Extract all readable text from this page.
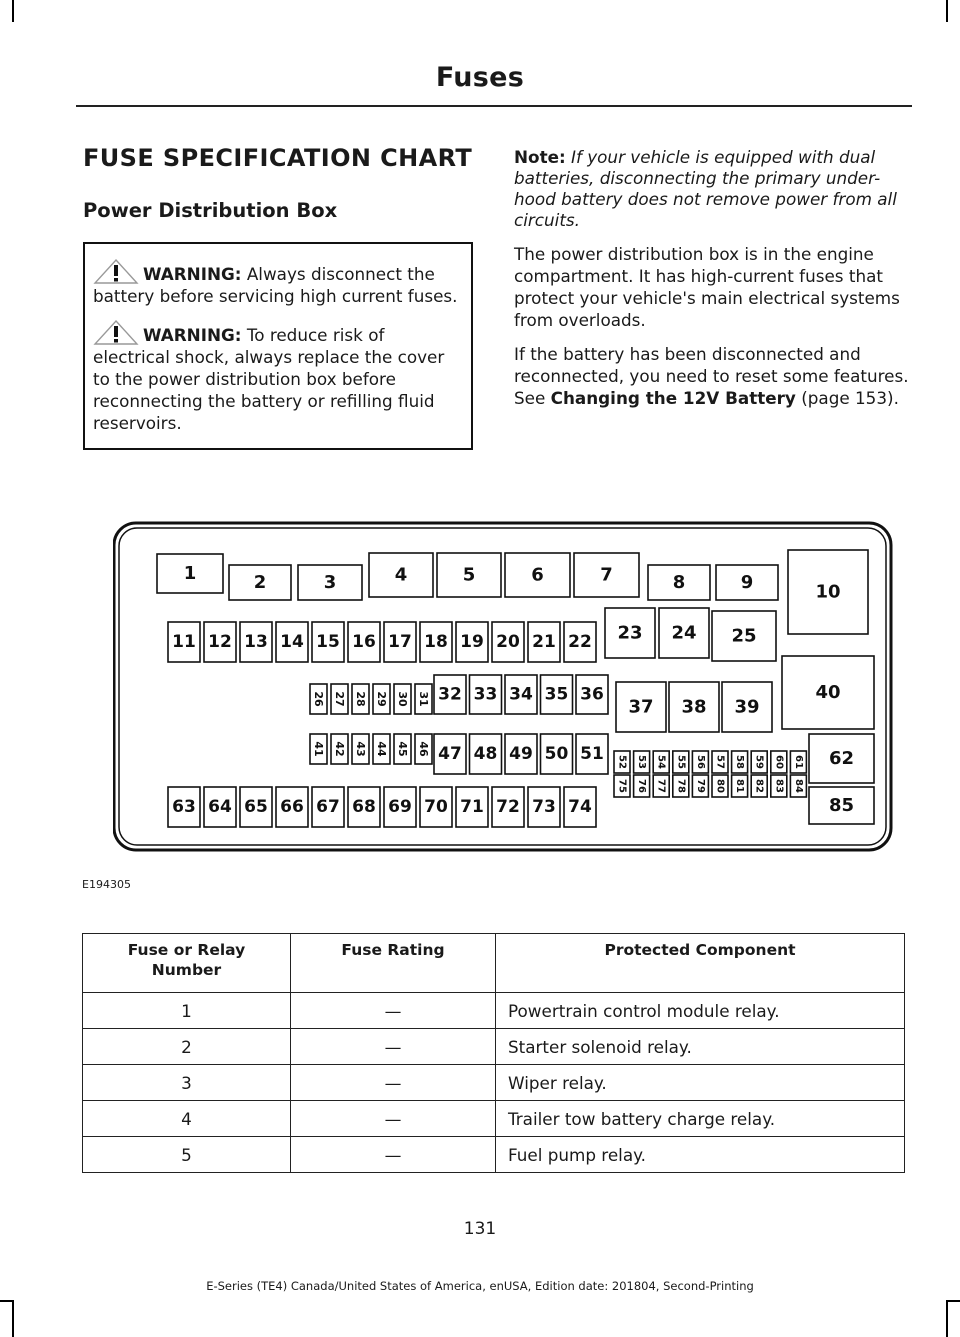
Fuses
FUSE SPECIFICATION CHART
Power Distribution Box
WARNING: Always disconnect the battery before servicing high current fuses.
WARNING: To reduce risk of electrical shock, always replace the cover to the power distribution box before reconnecting the battery or refilling fluid reservoirs.

Note: If your vehicle is equipped with dual batteries, disconnecting the primary under-hood battery does not remove power from all circuits.

The power distribution box is in the engine compartment. It has high-current fuses that protect your vehicle's main electrical systems from overloads.

If the battery has been disconnected and reconnected, you need to reset some features. See Changing the 12V Battery (page 153).

1	2	3	4	5	6	7	8	9	10
11 12 13 14 15 16 17 18 19 20 21 22 23 24 25
26 27 28 29 30 31 32 33 34 35 36
37 38 39
40
41 42 43 44 45 46 47 48 49 50 51 52
75
53
76
54
77
55
78
56
79
57
80
58
81
59
82
60
83
61
84
62
63 64 65 66 67 68 69 70 71 72 73 74	85
E194305
Fuse or Relay Number	Fuse Rating	Protected Component
1	—	Powertrain control module relay.
2	—	Starter solenoid relay.
3	—	Wiper relay.
4	—	Trailer tow battery charge relay.
5	—	Fuel pump relay.
131
E-Series (TE4) Canada/United States of America, enUSA, Edition date: 201804, Second-Printing
